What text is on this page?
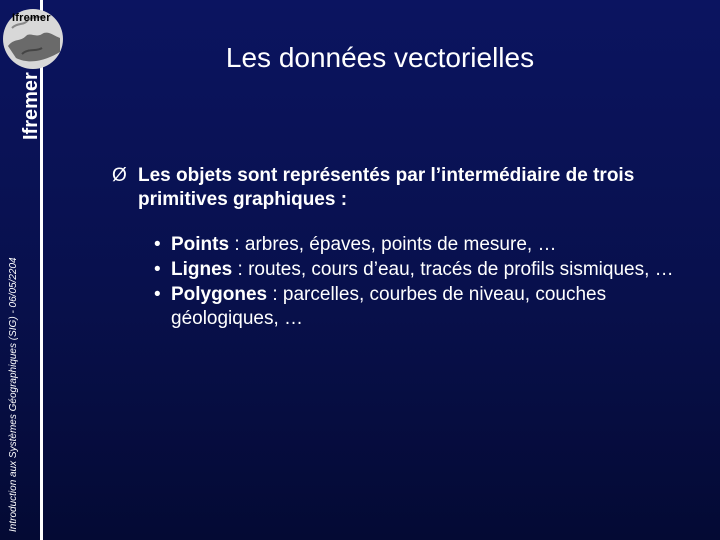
Ifremer
Ifremer
Introduction aux Systèmes Géographiques (SIG) - 06/05/2204
Les données vectorielles
Ø Les objets sont représentés par l’intermédiaire de trois primitives graphiques :
• Points : arbres, épaves, points de mesure, …
• Lignes : routes, cours d’eau, tracés de profils sismiques, …
• Polygones : parcelles, courbes de niveau, couches géologiques, …
